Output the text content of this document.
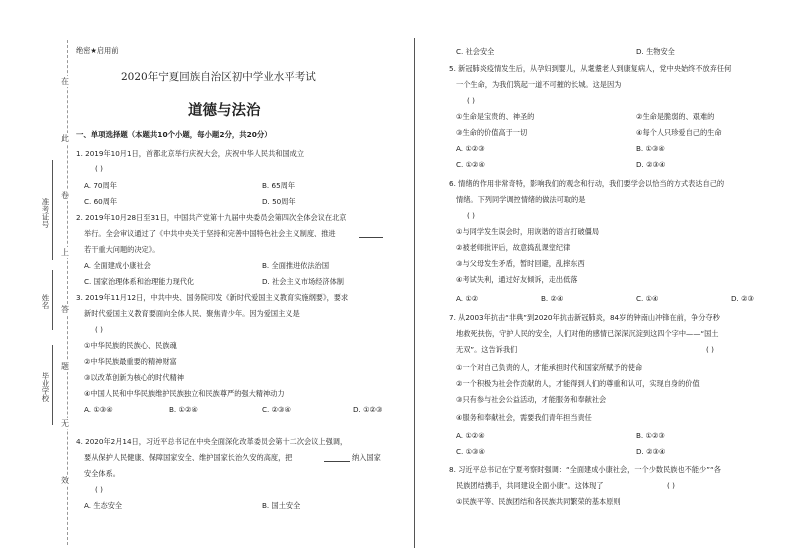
在
此
卷
上
答
题
无
效
准考证号
姓名
毕业学校
绝密★启用前
2020年宁夏回族自治区初中学业水平考试
道德与法治
一、单项选择题（本题共10个小题，每小题2分，共20分）
1. 2019年10月1日，首都北京举行庆祝大会，庆祝中华人民共和国成立
( )
A. 70周年	B. 65周年
C. 60周年	D. 50周年
2. 2019年10月28日至31日，中国共产党第十九届中央委员会第四次全体会议在北京
举行。全会审议通过了《中共中央关于坚持和完善中国特色社会主义制度、推进
若干重大问题的决定》。
A. 全面建成小康社会	B. 全面推进依法治国
C. 国家治理体系和治理能力现代化	D. 社会主义市场经济体制
3. 2019年11月12日，中共中央、国务院印发《新时代爱国主义教育实施纲要》，要求
新时代爱国主义教育要面向全体人民、聚焦青少年。因为爱国主义是
( )
①中华民族的民族心、民族魂
②中华民族最重要的精神财富
③以改革创新为核心的时代精神
④中国人民和中华民族维护民族独立和民族尊严的强大精神动力
A. ①③④	B. ①②④	C. ②③④	D. ①②③
4. 2020年2月14日，习近平总书记在中央全面深化改革委员会第十二次会议上强调，
要从保护人民健康、保障国家安全、维护国家长治久安的高度，把	纳入国家
安全体系。
( )
A. 生态安全	B. 国土安全
C. 社会安全	D. 生物安全
5. 新冠肺炎疫情发生后，从孕妇到婴儿，从耄耋老人到康复病人，党中央始终不放弃任何
一个生命，为我们筑起一道不可摧的长城。这是因为
( )
①生命是宝贵的、神圣的	②生命是脆弱的、艰难的
③生命的价值高于一切	④每个人只珍爱自己的生命
A. ①②③	B. ①③④
C. ①②④	D. ②③④
6. 情绪的作用非常奇特，影响我们的观念和行动，我们要学会以恰当的方式表达自己的
情绪。下列同学调控情绪的做法可取的是
( )
①与同学发生误会时，用诙谐的语言打破僵局
②被老师批评后，故意捣乱课堂纪律
③与父母发生矛盾，暂时回避，乱摔东西
④考试失利，通过好友倾诉，走出低落
A. ①②	B. ②④	C. ①④	D. ②③
7. 从2003年抗击“非典”到2020年抗击新冠肺炎，84岁的钟南山冲锋在前，争分夺秒
地救死扶伤，守护人民的安全，人们对他的感情已深深沉淀到这四个字中——“国土
无双”。这告诉我们	( )
①一个对自己负责的人，才能承担时代和国家所赋予的使命
②一个积极为社会作贡献的人，才能得到人们的尊重和认可，实现自身的价值
③只有参与社会公益活动，才能服务和奉献社会
④服务和奉献社会，需要我们青年担当责任
A. ①②④	B. ①②③
C. ①③④	D. ②③④
8. 习近平总书记在宁夏考察时强调：“全面建成小康社会，一个少数民族也不能少”“各
民族团结携手，共同建设全面小康”。这体现了	( )
①民族平等、民族团结和各民族共同繁荣的基本原则
